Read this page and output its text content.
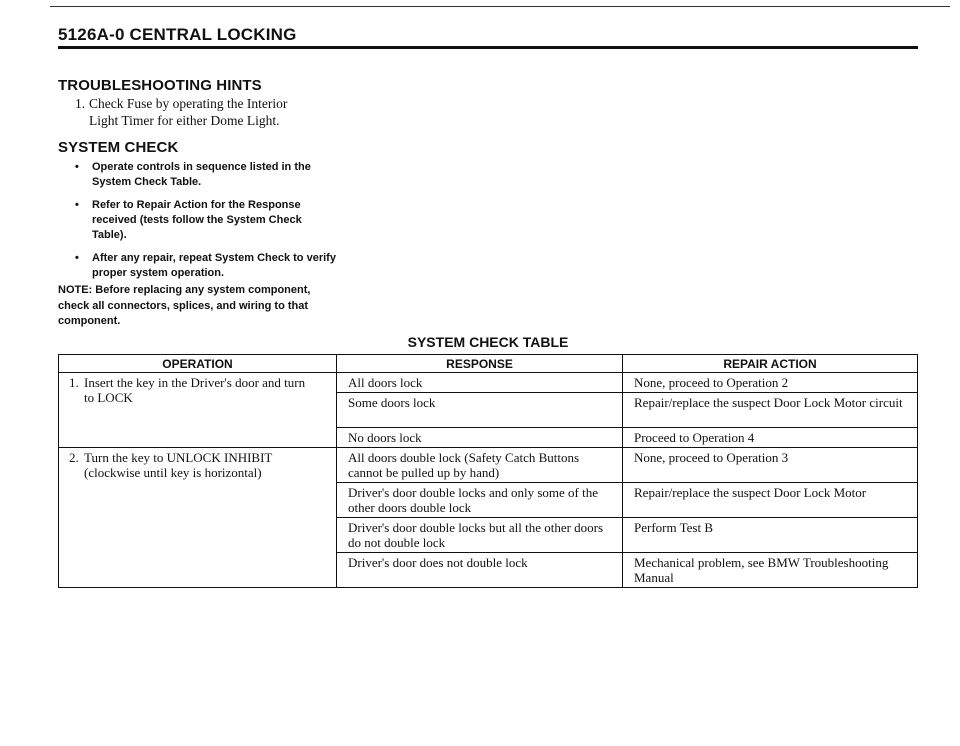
5126A-0 CENTRAL LOCKING
TROUBLESHOOTING HINTS
1. Check Fuse by operating the Interior
Light Timer for either Dome Light.
SYSTEM CHECK
• Operate controls in sequence listed in the System Check Table.
• Refer to Repair Action for the Response received (tests follow the System Check Table).
• After any repair, repeat System Check to verify proper system operation.
NOTE: Before replacing any system component, check all connectors, splices, and wiring to that component.
SYSTEM CHECK TABLE
OPERATION	RESPONSE	REPAIR ACTION

1. Insert the key in the Driver's door and turn
to LOCK	All doors lock	None, proceed to Operation 2
	Some doors lock	Repair/replace the suspect Door Lock Motor circuit
	No doors lock	Proceed to Operation 4

2. Turn the key to UNLOCK INHIBIT
(clockwise until key is horizontal)	All doors double lock (Safety Catch Buttons cannot be pulled up by hand)	None, proceed to Operation 3
	Driver's door double locks and only some of the other doors double lock	Repair/replace the suspect Door Lock Motor
	Driver's door double locks but all the other doors do not double lock	Perform Test B
	Driver's door does not double lock	Mechanical problem, see BMW Troubleshooting Manual
